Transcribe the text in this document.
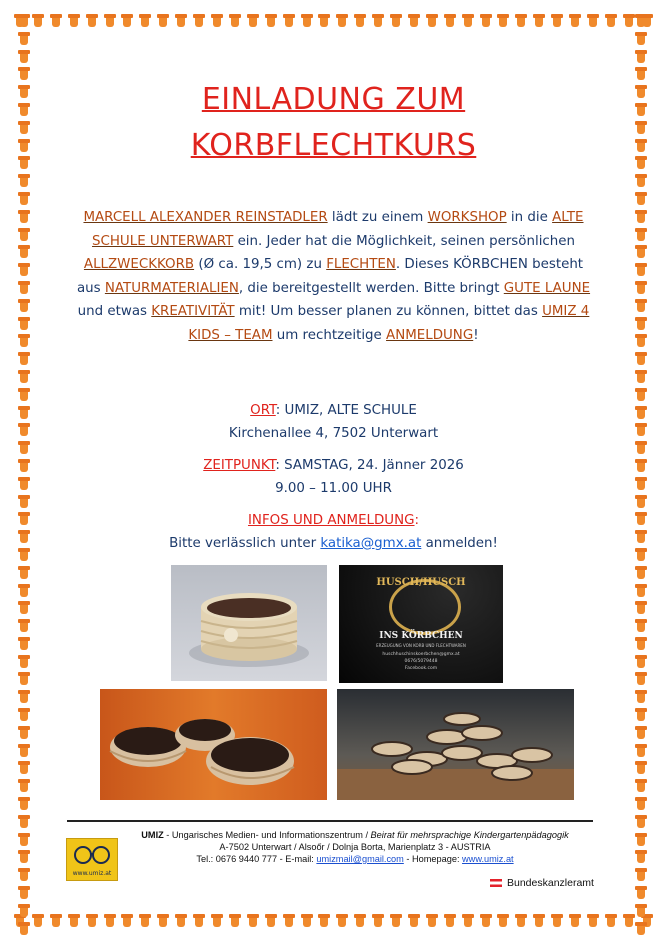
EINLADUNG ZUM
KORBFLECHTKURS
MARCELL ALEXANDER REINSTADLER lädt zu einem WORKSHOP in die ALTE SCHULE UNTERWART ein. Jeder hat die Möglichkeit, seinen persönlichen ALLZWECKKORB (Ø ca. 19,5 cm) zu FLECHTEN. Dieses KÖRBCHEN besteht aus NATURMATERIALIEN, die bereitgestellt werden. Bitte bringt GUTE LAUNE und etwas KREATIVITÄT mit! Um besser planen zu können, bittet das UMIZ 4 KIDS – TEAM um rechtzeitige ANMELDUNG!
ORT: UMIZ, ALTE SCHULE
Kirchenallee 4, 7502 Unterwart
ZEITPUNKT: SAMSTAG, 24. Jänner 2026
9.00 – 11.00 UHR
INFOS UND ANMELDUNG:
Bitte verlässlich unter katika@gmx.at anmelden!
HUSCH/HUSCH
INS KÖRBCHEN
ERZEUGUNG VON KORB UND FLECHTWAREN
huschhuschinskoerbchen@gmx.at
0676/5079448
Facebook.com
www.umiz.at
UMIZ - Ungarisches Medien- und Informationszentrum / Beirat für mehrsprachige Kindergartenpädagogik
A-7502 Unterwart / Alsoőr / Dolnja Borta, Marienplatz 3 - AUSTRIA
Tel.: 0676 9440 777 - E-mail: umizmail@gmail.com - Homepage: www.umiz.at
Bundeskanzleramt
